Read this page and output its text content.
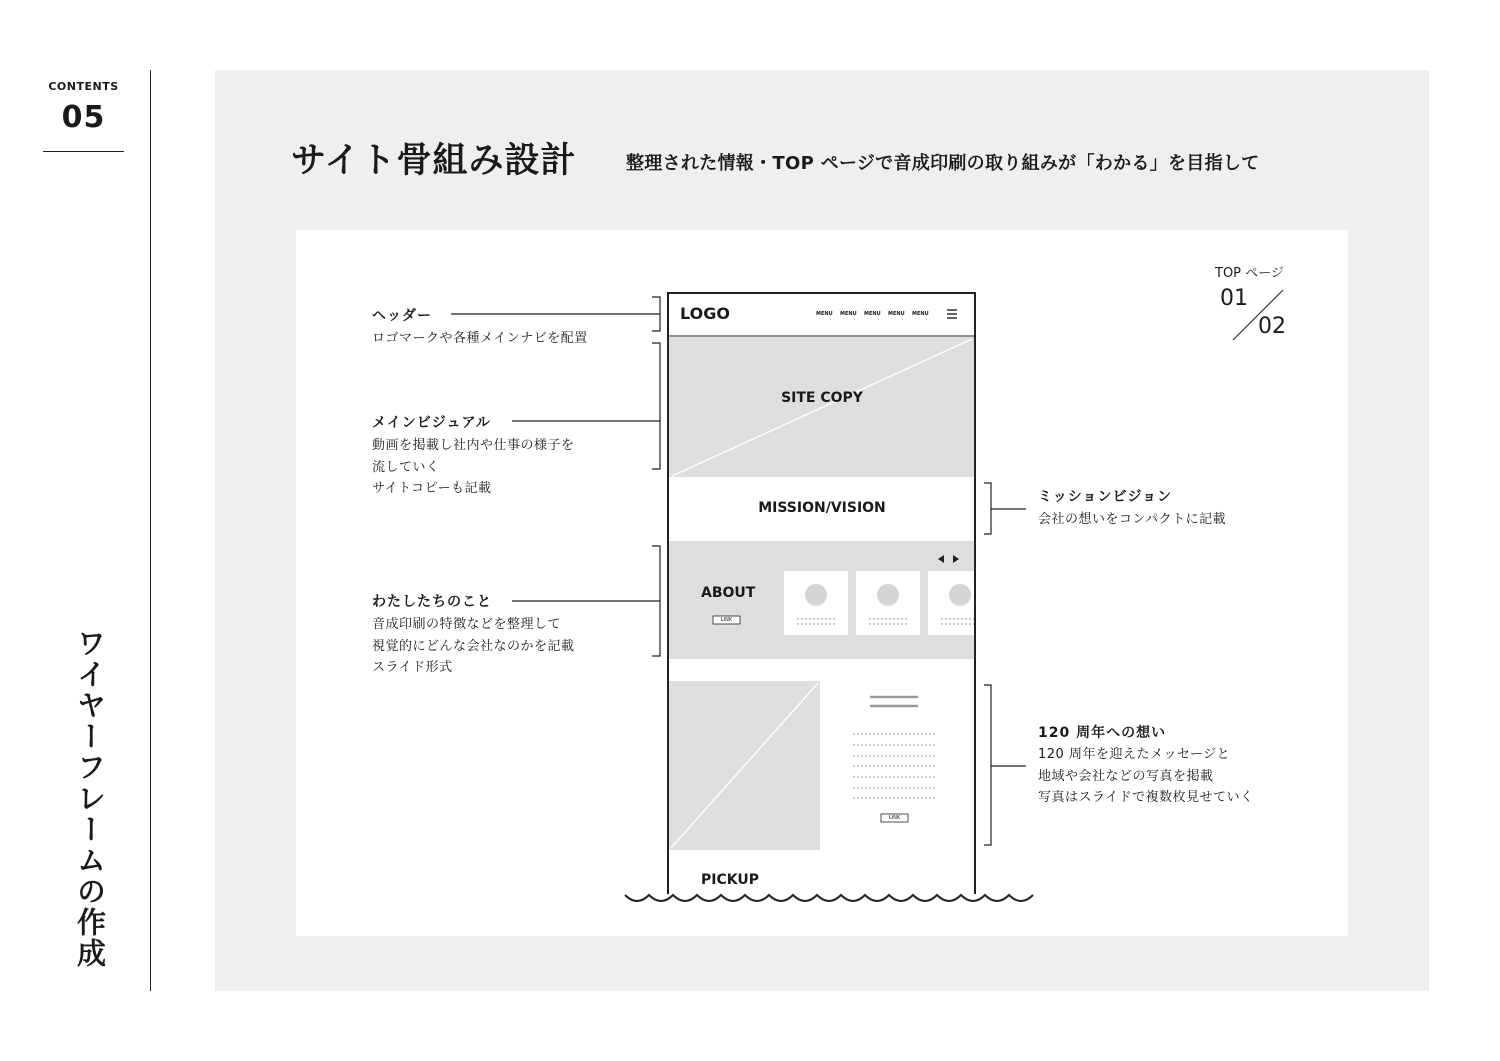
CONTENTS
05
ワイヤーフレームの作成
サイト骨組み設計	整理された情報・TOP ページで音成印刷の取り組みが「わかる」を目指して
TOP ページ
01
02
LOGO	MENU MENU MENU MENU MENU
SITE COPY
MISSION/VISION
ABOUT
LINK
LINK
PICKUP
ヘッダー
ロゴマークや各種メインナビを配置
メインビジュアル
動画を掲載し社内や仕事の様子を
流していく
サイトコピーも記載
わたしたちのこと
音成印刷の特徴などを整理して
視覚的にどんな会社なのかを記載
スライド形式
ミッションビジョン
会社の想いをコンパクトに記載
120 周年への想い
120 周年を迎えたメッセージと
地域や会社などの写真を掲載
写真はスライドで複数枚見せていく
